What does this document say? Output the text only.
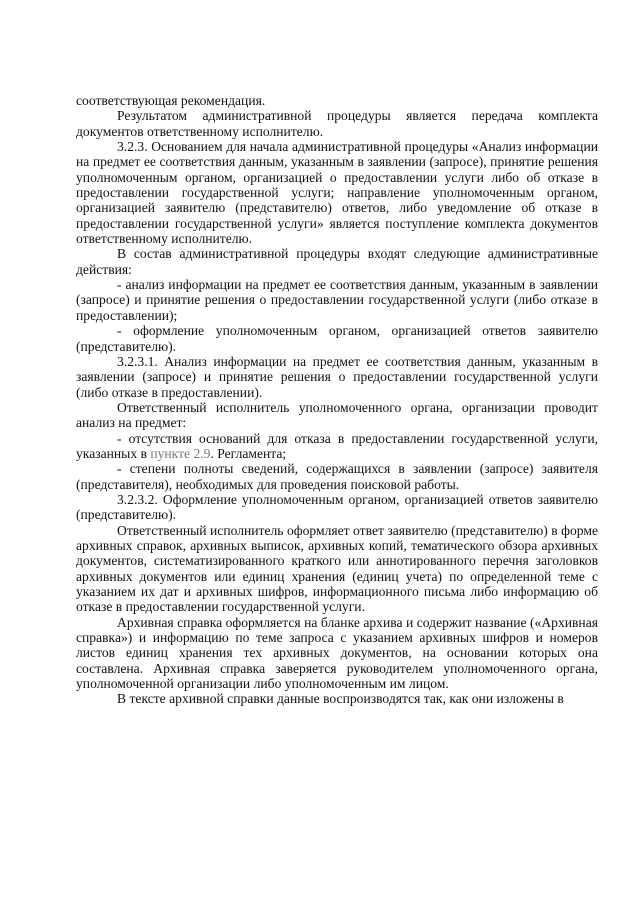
соответствующая рекомендация.

Результатом административной процедуры является передача комплекта документов ответственному исполнителю.

3.2.3. Основанием для начала административной процедуры «Анализ информации на предмет ее соответствия данным, указанным в заявлении (запросе), принятие решения уполномоченным органом, организацией о предоставлении услуги либо об отказе в предоставлении государственной услуги; направление уполномоченным органом, организацией заявителю (представителю) ответов, либо уведомление об отказе в предоставлении государственной услуги» является поступление комплекта документов ответственному исполнителю.

В состав административной процедуры входят следующие административные действия:

- анализ информации на предмет ее соответствия данным, указанным в заявлении (запросе) и принятие решения о предоставлении государственной услуги (либо отказе в предоставлении);

- оформление уполномоченным органом, организацией ответов заявителю (представителю).

3.2.3.1. Анализ информации на предмет ее соответствия данным, указанным в заявлении (запросе) и принятие решения о предоставлении государственной услуги (либо отказе в предоставлении).

Ответственный исполнитель уполномоченного органа, организации проводит анализ на предмет:

- отсутствия оснований для отказа в предоставлении государственной услуги, указанных в пункте 2.9. Регламента;

- степени полноты сведений, содержащихся в заявлении (запросе) заявителя (представителя), необходимых для проведения поисковой работы.

3.2.3.2. Оформление уполномоченным органом, организацией ответов заявителю (представителю).

Ответственный исполнитель оформляет ответ заявителю (представителю) в форме архивных справок, архивных выписок, архивных копий, тематического обзора архивных документов, систематизированного краткого или аннотированного перечня заголовков архивных документов или единиц хранения (единиц учета) по определенной теме с указанием их дат и архивных шифров, информационного письма либо информацию об отказе в предоставлении государственной услуги.

Архивная справка оформляется на бланке архива и содержит название («Архивная справка») и информацию по теме запроса с указанием архивных шифров и номеров листов единиц хранения тех архивных документов, на основании которых она составлена. Архивная справка заверяется руководителем уполномоченного органа, уполномоченной организации либо уполномоченным им лицом.

В тексте архивной справки данные воспроизводятся так, как они изложены в
